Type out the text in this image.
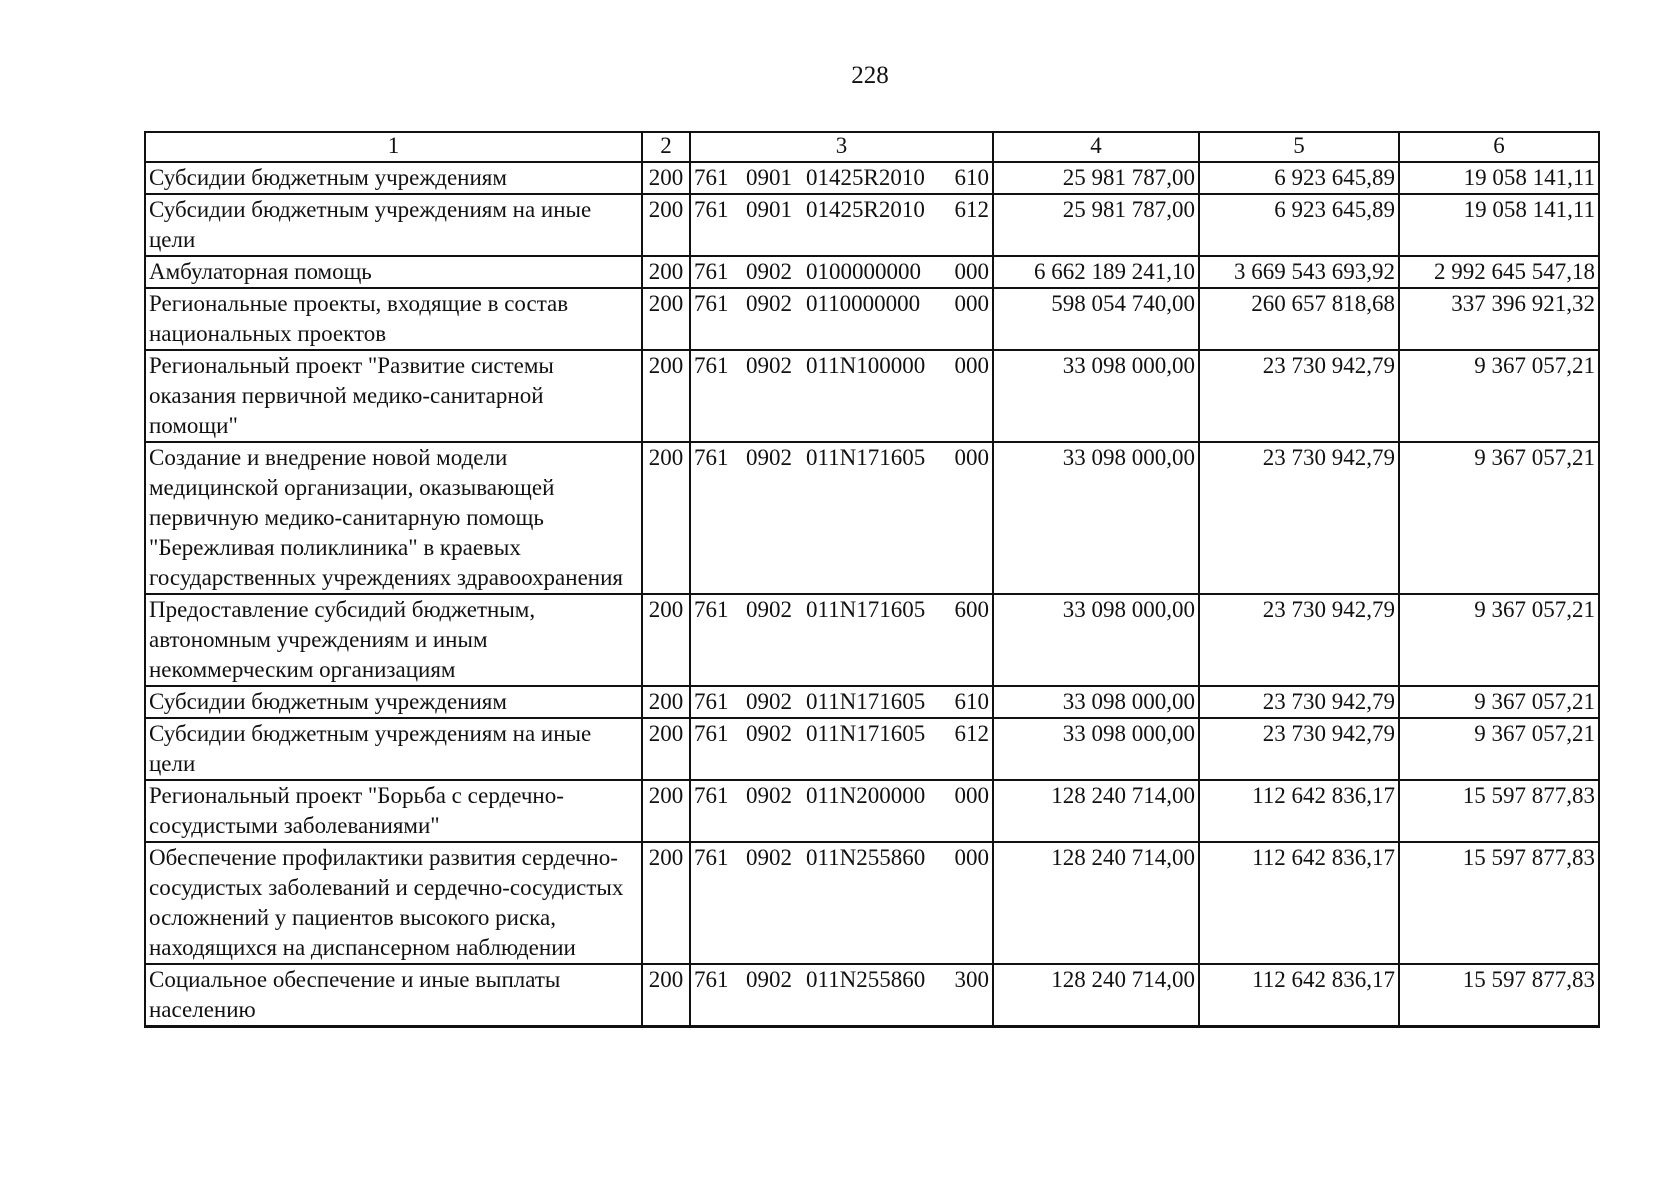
228
1	2	3	4	5	6
Субсидии бюджетным учреждениям	200	761 0901 01425R2010 610	25 981 787,00	6 923 645,89	19 058 141,11
Субсидии бюджетным учреждениям на иные цели	200	761 0901 01425R2010 612	25 981 787,00	6 923 645,89	19 058 141,11
Амбулаторная помощь	200	761 0902 0100000000 000	6 662 189 241,10	3 669 543 693,92	2 992 645 547,18
Региональные проекты, входящие в состав национальных проектов	200	761 0902 0110000000 000	598 054 740,00	260 657 818,68	337 396 921,32
Региональный проект "Развитие системы оказания первичной медико-санитарной помощи"	200	761 0902 011N100000 000	33 098 000,00	23 730 942,79	9 367 057,21
Создание и внедрение новой модели медицинской организации, оказывающей первичную медико-санитарную помощь "Бережливая поликлиника" в краевых государственных учреждениях здравоохранения	200	761 0902 011N171605 000	33 098 000,00	23 730 942,79	9 367 057,21
Предоставление субсидий бюджетным, автономным учреждениям и иным некоммерческим организациям	200	761 0902 011N171605 600	33 098 000,00	23 730 942,79	9 367 057,21
Субсидии бюджетным учреждениям	200	761 0902 011N171605 610	33 098 000,00	23 730 942,79	9 367 057,21
Субсидии бюджетным учреждениям на иные цели	200	761 0902 011N171605 612	33 098 000,00	23 730 942,79	9 367 057,21
Региональный проект "Борьба с сердечно-сосудистыми заболеваниями"	200	761 0902 011N200000 000	128 240 714,00	112 642 836,17	15 597 877,83
Обеспечение профилактики развития сердечно-сосудистых заболеваний и сердечно-сосудистых осложнений у пациентов высокого риска, находящихся на диспансерном наблюдении	200	761 0902 011N255860 000	128 240 714,00	112 642 836,17	15 597 877,83
Социальное обеспечение и иные выплаты населению	200	761 0902 011N255860 300	128 240 714,00	112 642 836,17	15 597 877,83
